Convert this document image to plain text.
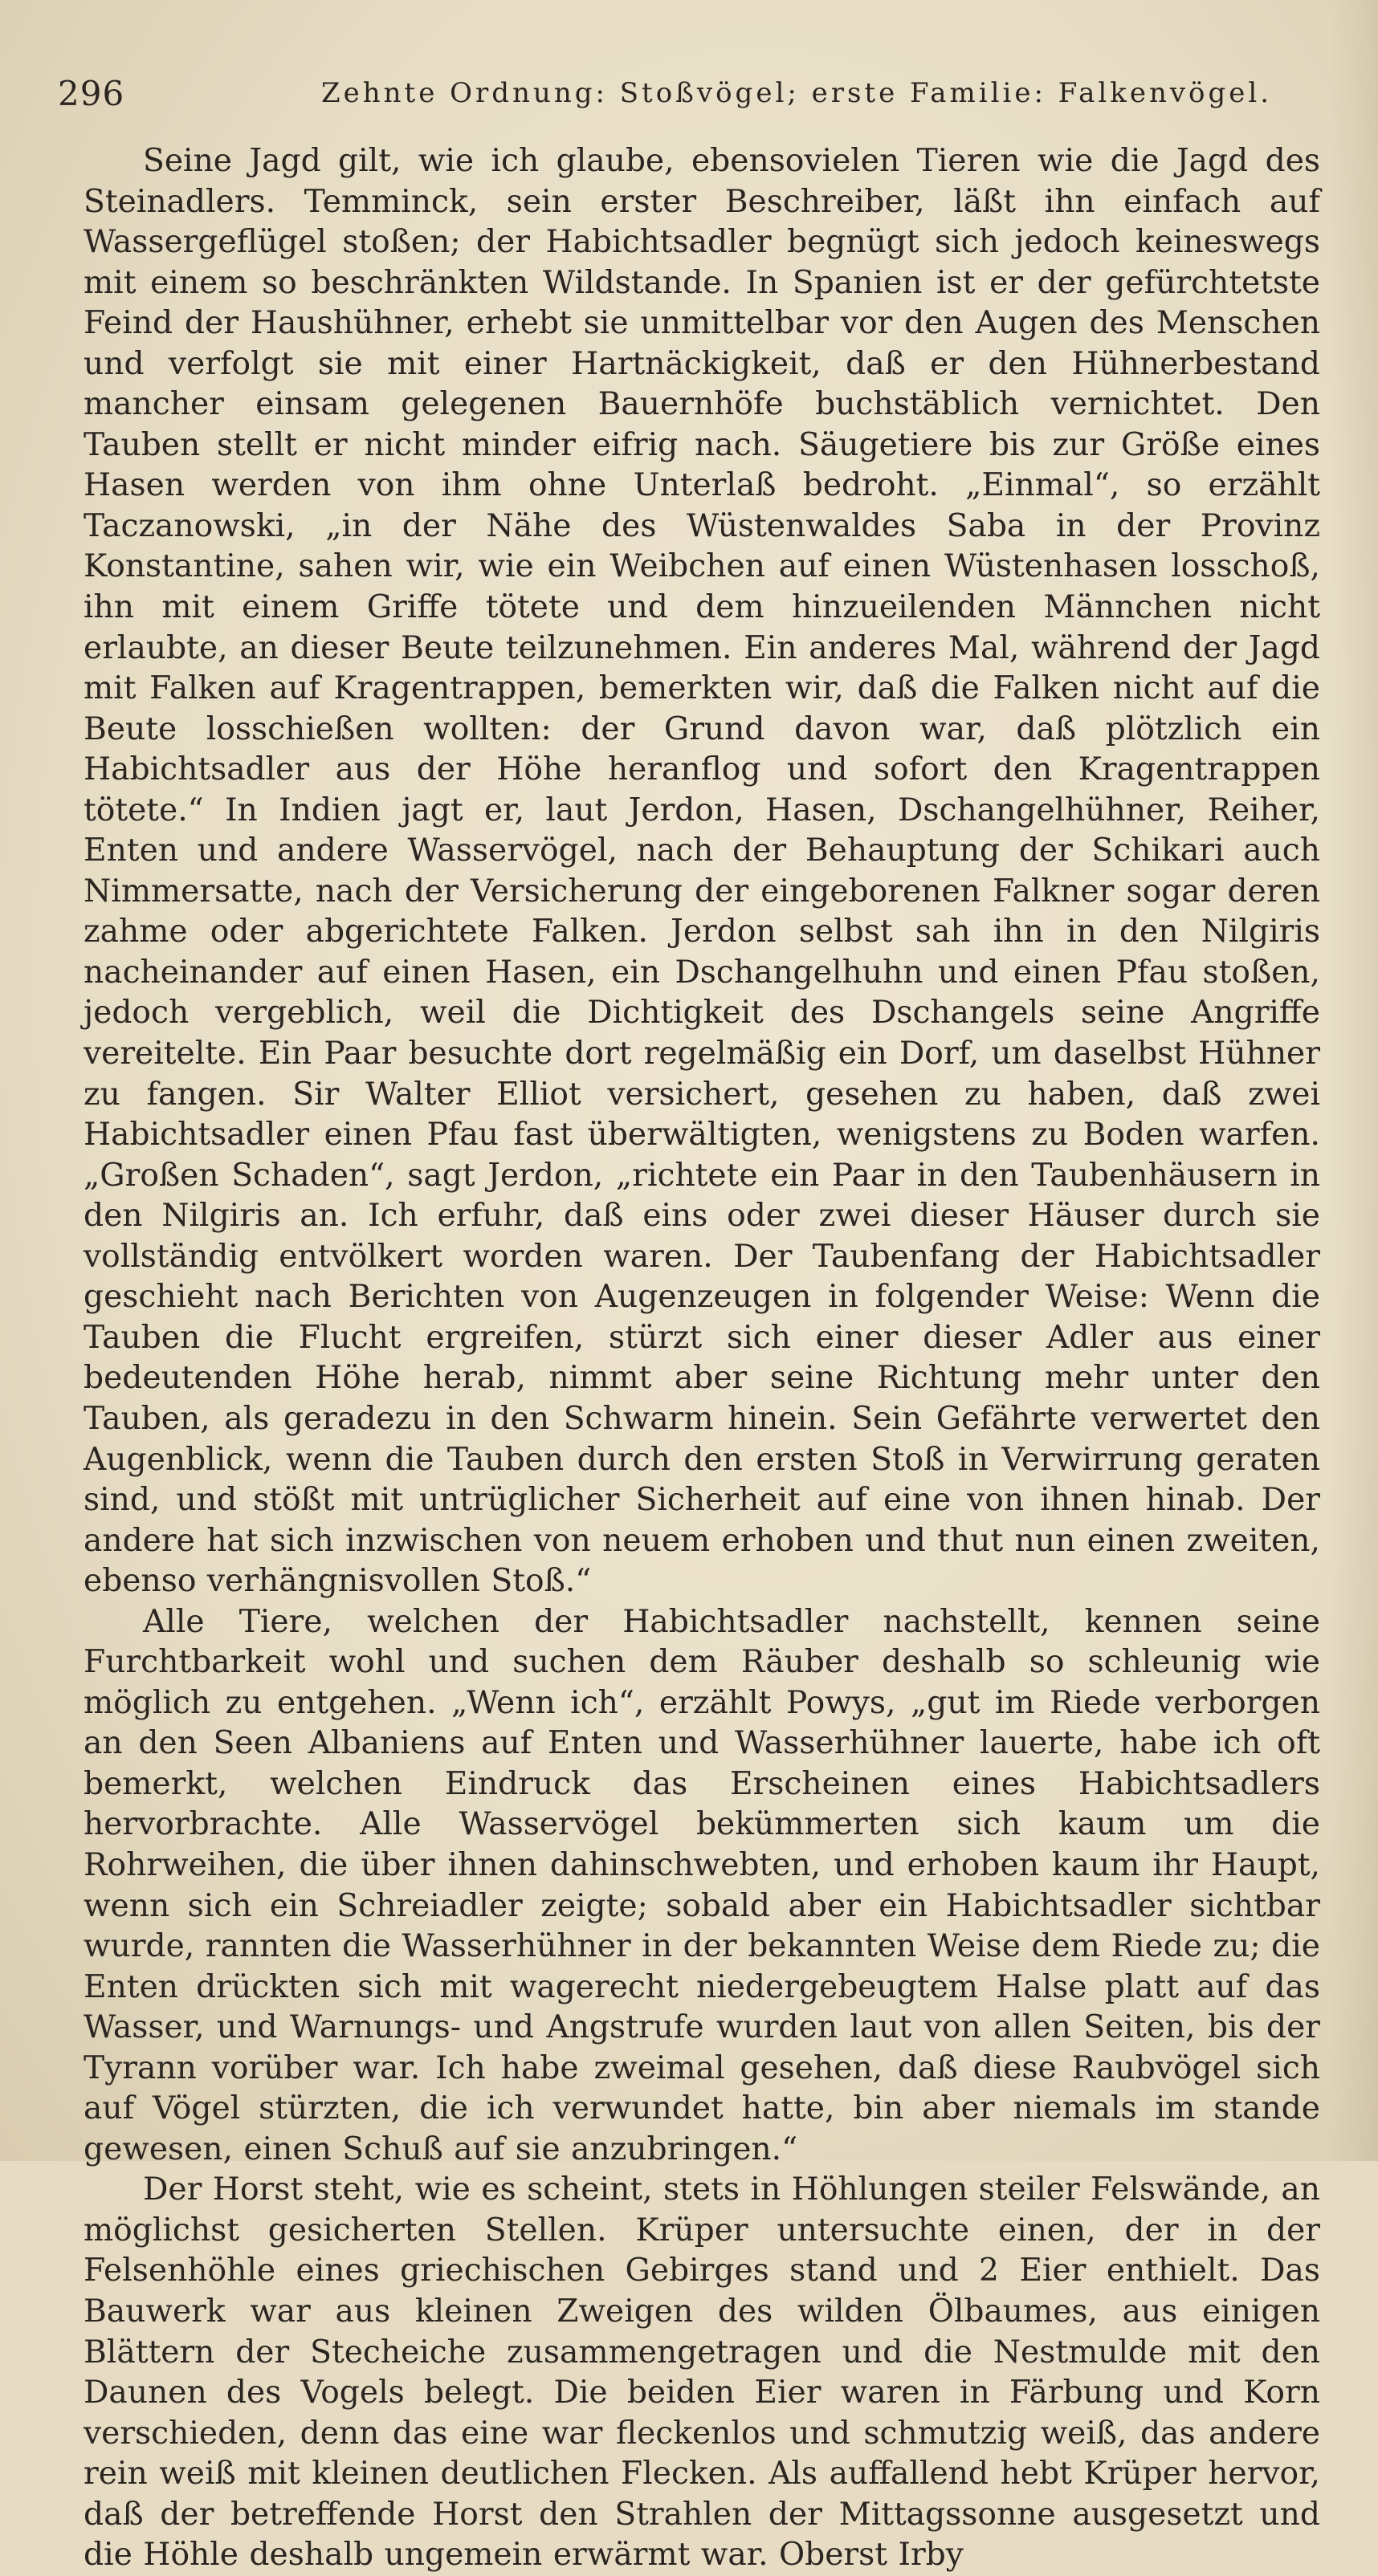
296	Zehnte Ordnung: Stoßvögel; erste Familie: Falkenvögel.

Seine Jagd gilt, wie ich glaube, ebensovielen Tieren wie die Jagd des Steinadlers. Temminck, sein erster Beschreiber, läßt ihn einfach auf Wassergeflügel stoßen; der Habichtsadler begnügt sich jedoch keineswegs mit einem so beschränkten Wildstande. In Spanien ist er der gefürchtetste Feind der Haushühner, erhebt sie unmittelbar vor den Augen des Menschen und verfolgt sie mit einer Hartnäckigkeit, daß er den Hühnerbestand mancher einsam gelegenen Bauernhöfe buchstäblich vernichtet. Den Tauben stellt er nicht minder eifrig nach. Säugetiere bis zur Größe eines Hasen werden von ihm ohne Unterlaß bedroht. „Einmal“, so erzählt Taczanowski, „in der Nähe des Wüstenwaldes Saba in der Provinz Konstantine, sahen wir, wie ein Weibchen auf einen Wüstenhasen losschoß, ihn mit einem Griffe tötete und dem hinzueilenden Männchen nicht erlaubte, an dieser Beute teilzunehmen. Ein anderes Mal, während der Jagd mit Falken auf Kragentrappen, bemerkten wir, daß die Falken nicht auf die Beute losschießen wollten: der Grund davon war, daß plötzlich ein Habichtsadler aus der Höhe heranflog und sofort den Kragentrappen tötete.“ In Indien jagt er, laut Jerdon, Hasen, Dschangelhühner, Reiher, Enten und andere Wasservögel, nach der Behauptung der Schikari auch Nimmersatte, nach der Versicherung der eingeborenen Falkner sogar deren zahme oder abgerichtete Falken. Jerdon selbst sah ihn in den Nilgiris nacheinander auf einen Hasen, ein Dschangelhuhn und einen Pfau stoßen, jedoch vergeblich, weil die Dichtigkeit des Dschangels seine Angriffe vereitelte. Ein Paar besuchte dort regelmäßig ein Dorf, um daselbst Hühner zu fangen. Sir Walter Elliot versichert, gesehen zu haben, daß zwei Habichtsadler einen Pfau fast überwältigten, wenigstens zu Boden warfen. „Großen Schaden“, sagt Jerdon, „richtete ein Paar in den Taubenhäusern in den Nilgiris an. Ich erfuhr, daß eins oder zwei dieser Häuser durch sie vollständig entvölkert worden waren. Der Taubenfang der Habichtsadler geschieht nach Berichten von Augenzeugen in folgender Weise: Wenn die Tauben die Flucht ergreifen, stürzt sich einer dieser Adler aus einer bedeutenden Höhe herab, nimmt aber seine Richtung mehr unter den Tauben, als geradezu in den Schwarm hinein. Sein Gefährte verwertet den Augenblick, wenn die Tauben durch den ersten Stoß in Verwirrung geraten sind, und stößt mit untrüglicher Sicherheit auf eine von ihnen hinab. Der andere hat sich inzwischen von neuem erhoben und thut nun einen zweiten, ebenso verhängnisvollen Stoß.“

Alle Tiere, welchen der Habichtsadler nachstellt, kennen seine Furchtbarkeit wohl und suchen dem Räuber deshalb so schleunig wie möglich zu entgehen. „Wenn ich“, erzählt Powys, „gut im Riede verborgen an den Seen Albaniens auf Enten und Wasserhühner lauerte, habe ich oft bemerkt, welchen Eindruck das Erscheinen eines Habichtsadlers hervorbrachte. Alle Wasservögel bekümmerten sich kaum um die Rohrweihen, die über ihnen dahinschwebten, und erhoben kaum ihr Haupt, wenn sich ein Schreiadler zeigte; sobald aber ein Habichtsadler sichtbar wurde, rannten die Wasserhühner in der bekannten Weise dem Riede zu; die Enten drückten sich mit wagerecht niedergebeugtem Halse platt auf das Wasser, und Warnungs- und Angstrufe wurden laut von allen Seiten, bis der Tyrann vorüber war. Ich habe zweimal gesehen, daß diese Raubvögel sich auf Vögel stürzten, die ich verwundet hatte, bin aber niemals im stande gewesen, einen Schuß auf sie anzubringen.“

Der Horst steht, wie es scheint, stets in Höhlungen steiler Felswände, an möglichst gesicherten Stellen. Krüper untersuchte einen, der in der Felsenhöhle eines griechischen Gebirges stand und 2 Eier enthielt. Das Bauwerk war aus kleinen Zweigen des wilden Ölbaumes, aus einigen Blättern der Stecheiche zusammengetragen und die Nestmulde mit den Daunen des Vogels belegt. Die beiden Eier waren in Färbung und Korn verschieden, denn das eine war fleckenlos und schmutzig weiß, das andere rein weiß mit kleinen deutlichen Flecken. Als auffallend hebt Krüper hervor, daß der betreffende Horst den Strahlen der Mittagssonne ausgesetzt und die Höhle deshalb ungemein erwärmt war. Oberst Irby
